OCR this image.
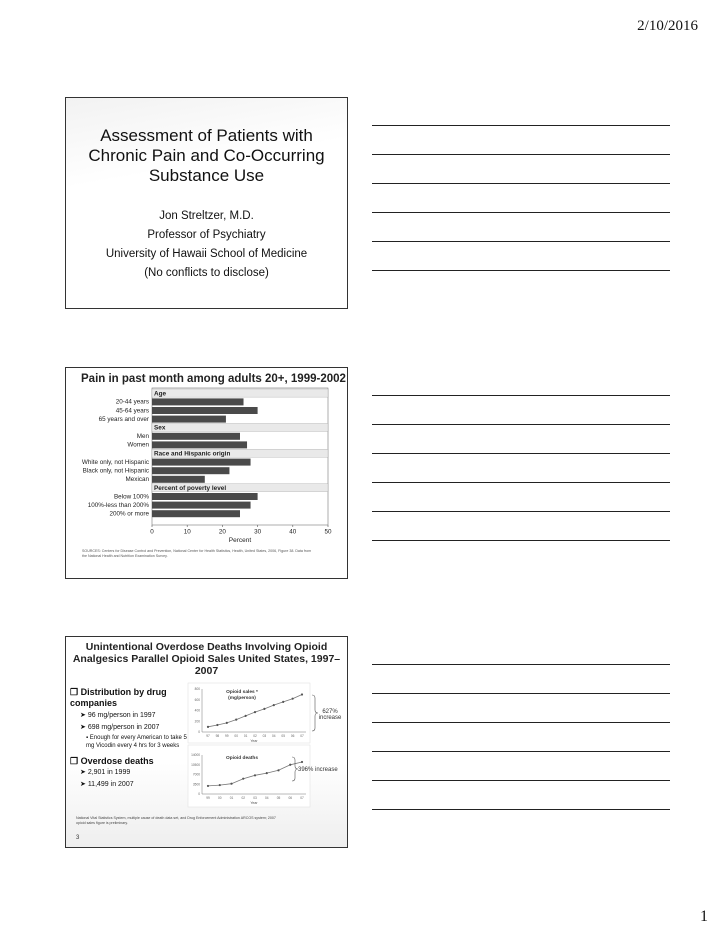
2/10/2016
Assessment of Patients with Chronic Pain and Co-Occurring Substance Use
Jon Streltzer, M.D.
Professor of Psychiatry
University of Hawaii School of Medicine
(No conflicts to disclose)
Pain in past month among adults 20+, 1999-2002
Age
20-44 years
45-64 years
65 years and over
Sex
Men
Women
Race and Hispanic origin
White only, not Hispanic
Black only, not Hispanic
Mexican
Percent of poverty level
Below 100%
100%-less than 200%
200% or more
0	10	20	30	40	50
Percent
SOURCES: Centers for Disease Control and Prevention, National Center for Health Statistics, Health, United States, 2006, Figure 38. Data from the National Health and Nutrition Examination Survey.
Unintentional Overdose Deaths Involving Opioid Analgesics Parallel Opioid Sales United States, 1997–2007
❒ Distribution by drug companies
➤ 96 mg/person in 1997
➤ 698 mg/person in 2007
▪ Enough for every American to take 5 mg Vicodin every 4 hrs for 3 weeks
❒ Overdose deaths
➤ 2,901 in 1999
➤ 11,499 in 2007
0
200
400
600
800
97 98 99 00 01 02 03 04 05 06 07
Year
Opioid sales *
(mg/person)
0
3500
7000
10500
14000
99	00	01	02	03	04	05	06	07
Year
Opioid deaths
627% increase
396% increase
National Vital Statistics System, multiple cause of death data set, and Drug Enforcement Administration ARCOS system; 2007 opioid sales figure is preliminary.
3
1
